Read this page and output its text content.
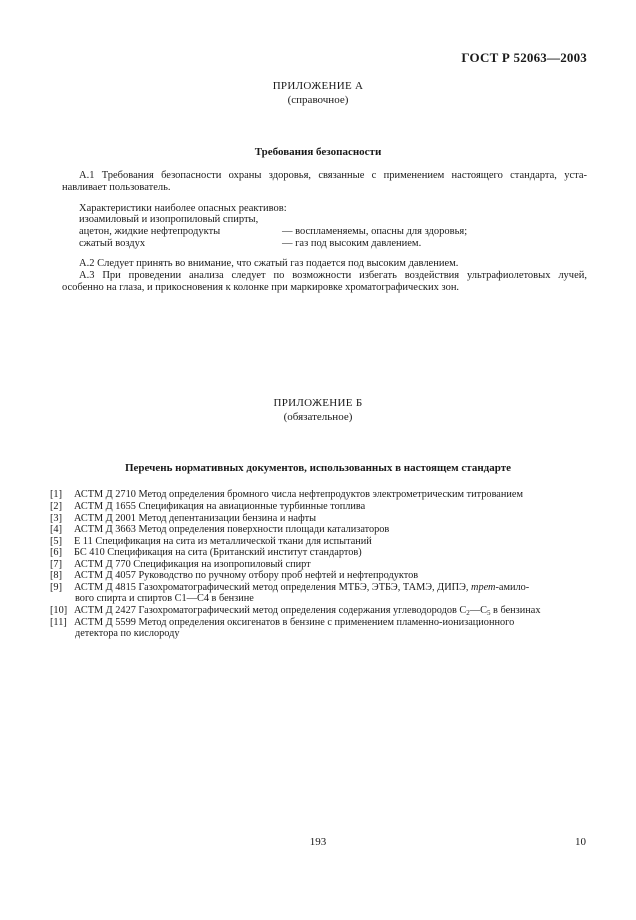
ГОСТ Р 52063—2003
ПРИЛОЖЕНИЕ А
(справочное)
Требования безопасности
А.1 Требования безопасности охраны здоровья, связанные с применением настоящего стандарта, уста-
навливает пользователь.
Характеристики наиболее опасных реактивов:
изоамиловый и изопропиловый спирты,
ацетон, жидкие нефтепродукты	— воспламеняемы, опасны для здоровья;
сжатый воздух	— газ под высоким давлением.
А.2 Следует принять во внимание, что сжатый газ подается под высоким давлением.
А.3 При проведении анализа следует по возможности избегать воздействия ультрафиолетовых лучей,
особенно на глаза, и прикосновения к колонке при маркировке хроматографических зон.
ПРИЛОЖЕНИЕ Б
(обязательное)
Перечень нормативных документов, использованных в настоящем стандарте
[1] АСТМ Д 2710 Метод определения бромного числа нефтепродуктов электрометрическим титрованием
[2] АСТМ Д 1655 Спецификация на авиационные турбинные топлива
[3] АСТМ Д 2001 Метод депентанизации бензина и нафты
[4] АСТМ Д 3663 Метод определения поверхности площади катализаторов
[5] Е 11 Спецификация на сита из металлической ткани для испытаний
[6] БС 410 Спецификация на сита (Британский институт стандартов)
[7] АСТМ Д 770 Спецификация на изопропиловый спирт
[8] АСТМ Д 4057 Руководство по ручному отбору проб нефтей и нефтепродуктов
[9] АСТМ Д 4815 Газохроматографический метод определения МТБЭ, ЭТБЭ, ТАМЭ, ДИПЭ, трет-амило-
вого спирта и спиртов С1—С4 в бензине
[10] АСТМ Д 2427 Газохроматографический метод определения содержания углеводородов $С_2—С_5$ в бензинах
[11] АСТМ Д 5599 Метод определения оксигенатов в бензине с применением пламенно-ионизационного
детектора по кислороду
193	10
